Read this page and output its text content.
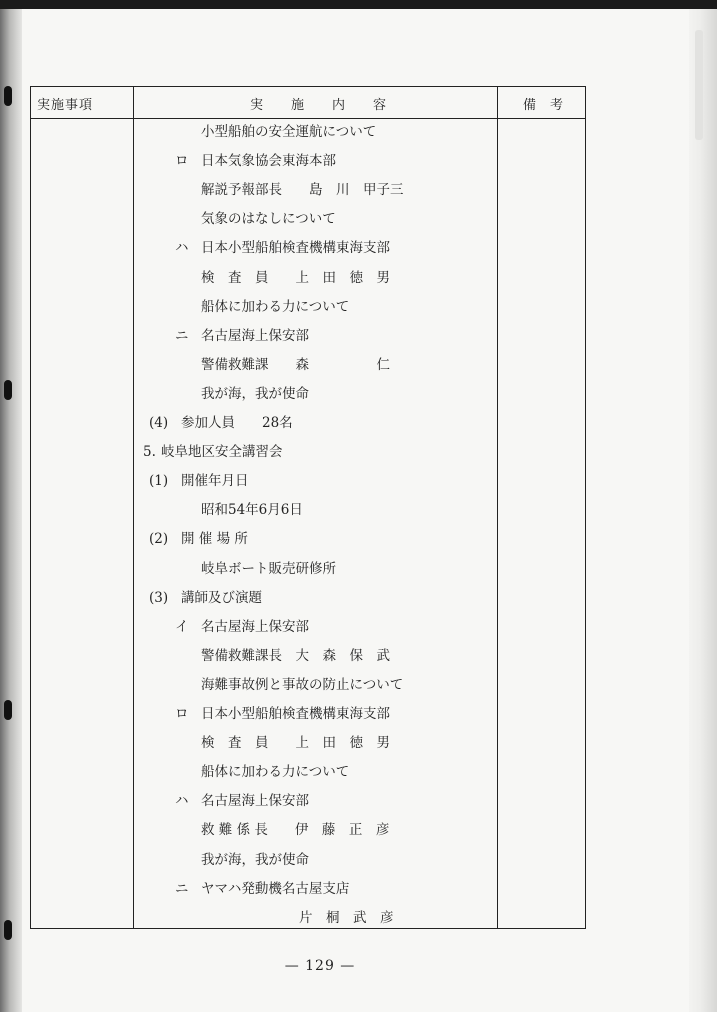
実施事項	実施内容	備考
小型船舶の安全運航について
ロ 日本気象協会東海本部
解説予報部長　　島　川　甲子三
気象のはなしについて
ハ 日本小型船舶検査機構東海支部
検　査　員　　上　田　徳　男
船体に加わる力について
ニ 名古屋海上保安部
警備救難課　　森　　　　　仁
我が海，我が使命
(4) 参加人員　　28名
5. 岐阜地区安全講習会
(1) 開催年月日
昭和54年6月6日
(2) 開 催 場 所
岐阜ボート販売研修所
(3) 講師及び演題
イ 名古屋海上保安部
警備救難課長　大　森　保　武
海難事故例と事故の防止について
ロ 日本小型船舶検査機構東海支部
検　査　員　　上　田　徳　男
船体に加わる力について
ハ 名古屋海上保安部
救 難 係 長　　伊　藤　正　彦
我が海，我が使命
ニ ヤマハ発動機名古屋支店
片　桐　武　彦
— 129 —
